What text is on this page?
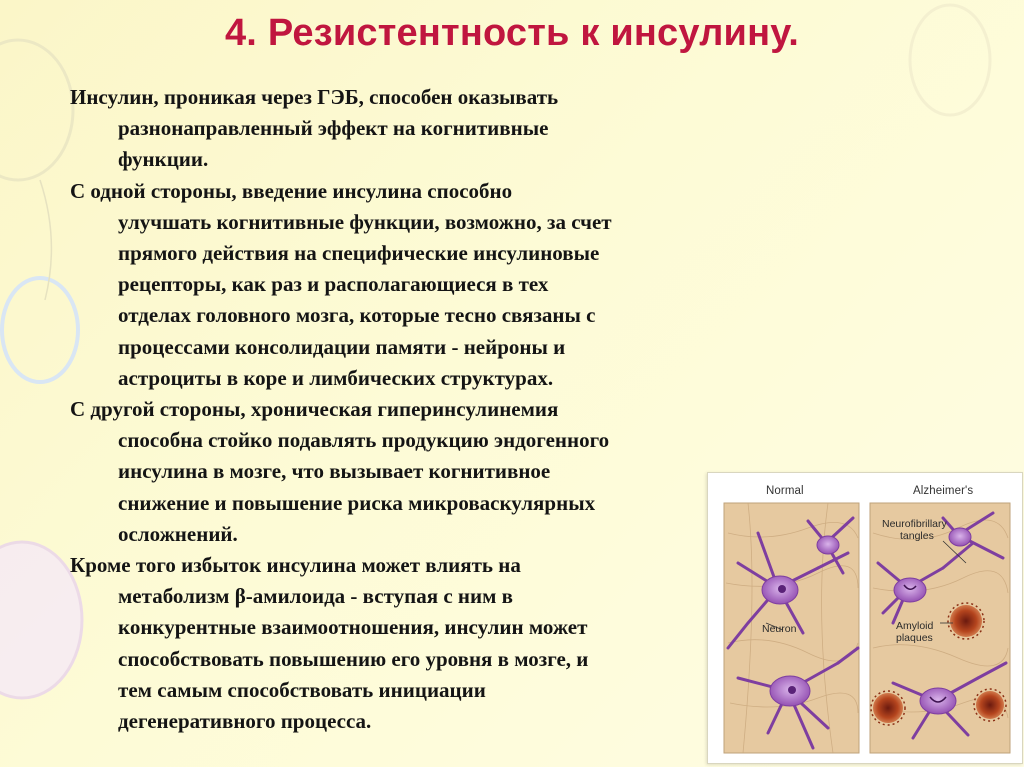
4. Резистентность к инсулину.

Инсулин, проникая через ГЭБ, способен оказывать
разнонаправленный эффект на когнитивные
функции.

С одной стороны, введение инсулина способно
улучшать когнитивные функции, возможно, за счет
прямого действия на специфические инсулиновые
рецепторы, как раз и располагающиеся в тех
отделах головного мозга, которые тесно связаны с
процессами консолидации памяти - нейроны и
астроциты в коре и лимбических структурах.

С другой стороны, хроническая гиперинсулинемия
способна стойко подавлять продукцию эндогенного
инсулина в мозге, что вызывает когнитивное
снижение и повышение риска микроваскулярных
осложнений.

Кроме того избыток инсулина может влиять на
метаболизм β-амилоида - вступая с ним в
конкурентные взаимоотношения, инсулин может
способствовать повышению его уровня в мозге, и
тем самым способствовать инициации
дегенеративного процесса.

Normal	Alzheimer's
Neuron
Neurofibrillary
tangles
Amyloid
plaques
